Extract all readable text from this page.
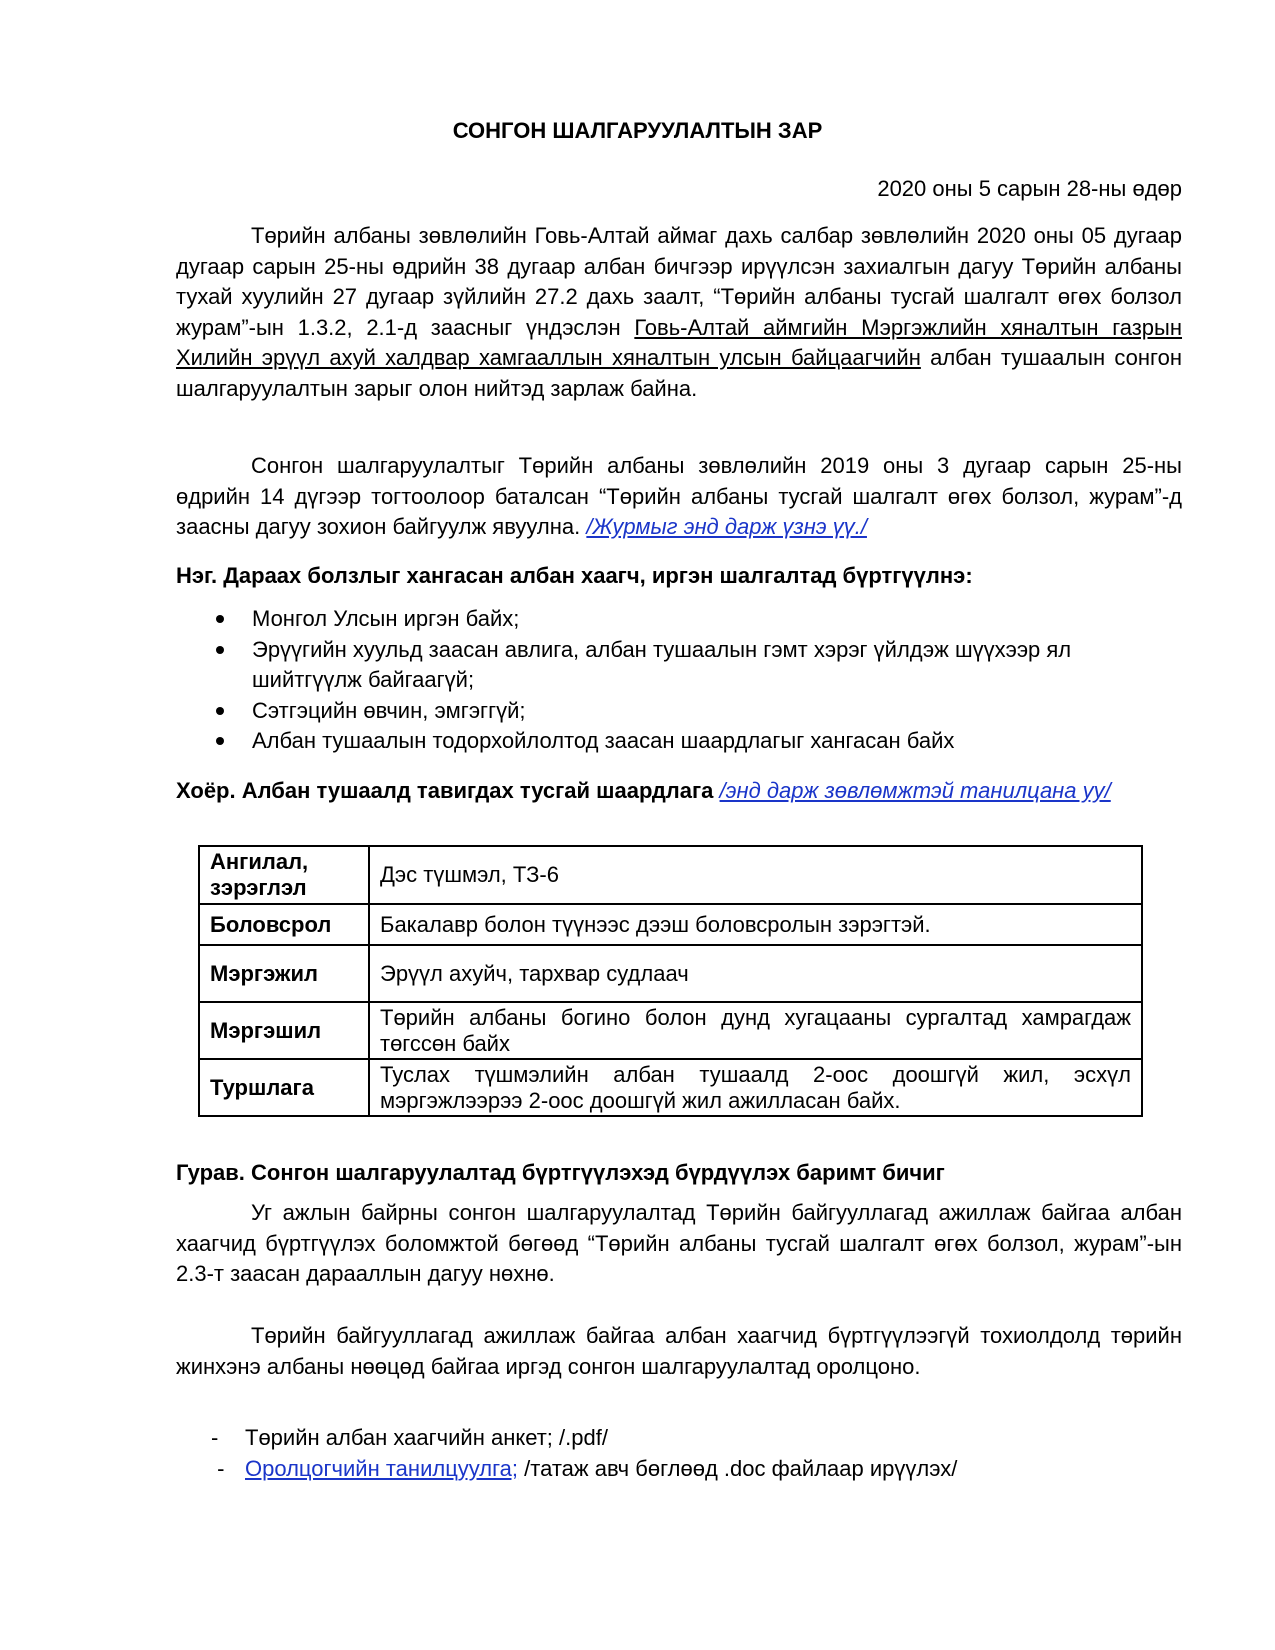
СОНГОН ШАЛГАРУУЛАЛТЫН ЗАР
2020 оны 5 сарын 28-ны өдөр

Төрийн албаны зөвлөлийн Говь-Алтай аймаг дахь салбар зөвлөлийн 2020 оны 05 дугаар дугаар сарын 25-ны өдрийн 38 дугаар албан бичгээр ирүүлсэн захиалгын дагуу Төрийн албаны тухай хуулийн 27 дугаар зүйлийн 27.2 дахь заалт, “Төрийн албаны тусгай шалгалт өгөх болзол журам”-ын 1.3.2, 2.1-д заасныг үндэслэн Говь-Алтай аймгийн Мэргэжлийн хяналтын газрын Хилийн эрүүл ахуй халдвар хамгааллын хяналтын улсын байцаагчийн албан тушаалын сонгон шалгаруулалтын зарыг олон нийтэд зарлаж байна.

Сонгон шалгаруулалтыг Төрийн албаны зөвлөлийн 2019 оны 3 дугаар сарын 25-ны өдрийн 14 дүгээр тогтоолоор баталсан “Төрийн албаны тусгай шалгалт өгөх болзол, журам”-д заасны дагуу зохион байгуулж явуулна. /Журмыг энд дарж үзнэ үү./

Нэг. Дараах болзлыг хангасан албан хаагч, иргэн шалгалтад бүртгүүлнэ:
Монгол Улсын иргэн байх;
Эрүүгийн хуульд заасан авлига, албан тушаалын гэмт хэрэг үйлдэж шүүхээр ял шийтгүүлж байгаагүй;
Сэтгэцийн өвчин, эмгэггүй;
Албан тушаалын тодорхойлолтод заасан шаардлагыг хангасан байх

Хоёр. Албан тушаалд тавигдах тусгай шаардлага /энд дарж зөвлөмжтэй танилцана уу/

Ангилал, зэрэглэл	Дэс түшмэл, ТЗ-6
Боловсрол	Бакалавр болон түүнээс дээш боловсролын зэрэгтэй.
Мэргэжил	Эрүүл ахуйч, тархвар судлаач
Мэргэшил	Төрийн албаны богино болон дунд хугацааны сургалтад хамрагдаж төгссөн байх
Туршлага	Туслах түшмэлийн албан тушаалд 2-оос доошгүй жил, эсхүл мэргэжлээрээ 2-оос доошгүй жил ажилласан байх.
Гурав. Сонгон шалгаруулалтад бүртгүүлэхэд бүрдүүлэх баримт бичиг

Уг ажлын байрны сонгон шалгаруулалтад Төрийн байгууллагад ажиллаж байгаа албан хаагчид бүртгүүлэх боломжтой бөгөөд “Төрийн албаны тусгай шалгалт өгөх болзол, журам”-ын 2.3-т заасан дарааллын дагуу нөхнө.

Төрийн байгууллагад ажиллаж байгаа албан хаагчид бүртгүүлээгүй тохиолдолд төрийн жинхэнэ албаны нөөцөд байгаа иргэд сонгон шалгаруулалтад оролцоно.

-	Төрийн албан хаагчийн анкет; /.pdf/
- Оролцогчийн танилцуулга; /татаж авч бөглөөд .doc файлаар ирүүлэх/
